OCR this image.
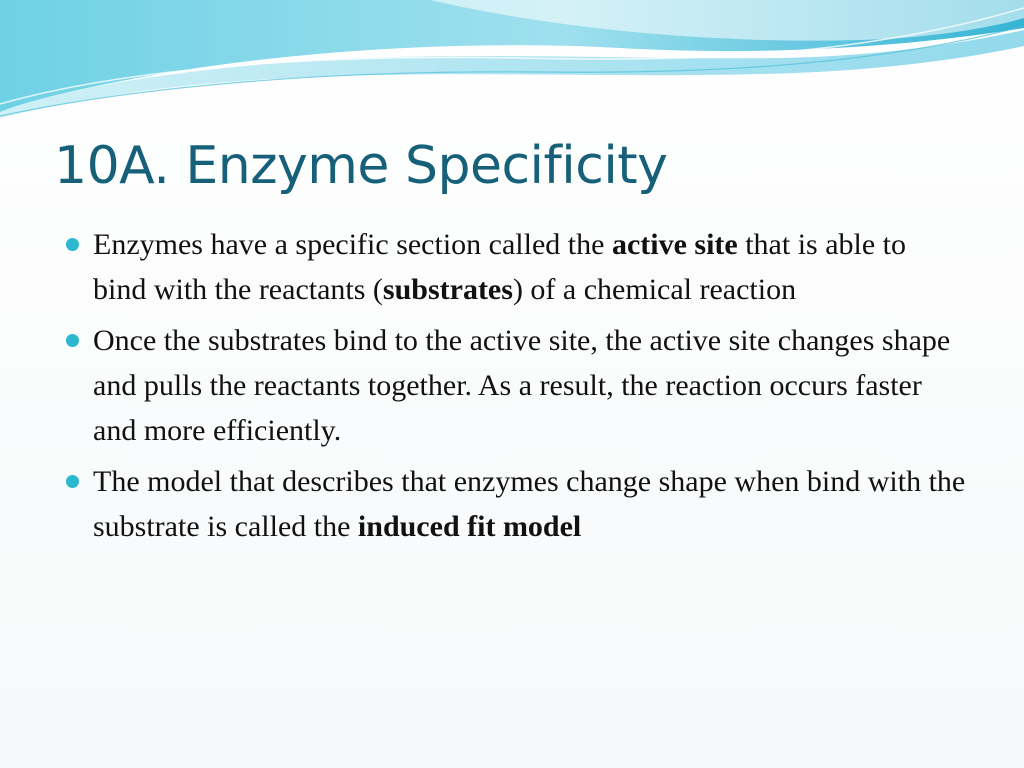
10A. Enzyme Specificity
Enzymes have a specific section called the active site that is able to bind with the reactants (substrates) of a chemical reaction
Once the substrates bind to the active site, the active site changes shape and pulls the reactants together. As a result, the reaction occurs faster and more efficiently.
The model that describes that enzymes change shape when bind with the substrate is called the induced fit model
